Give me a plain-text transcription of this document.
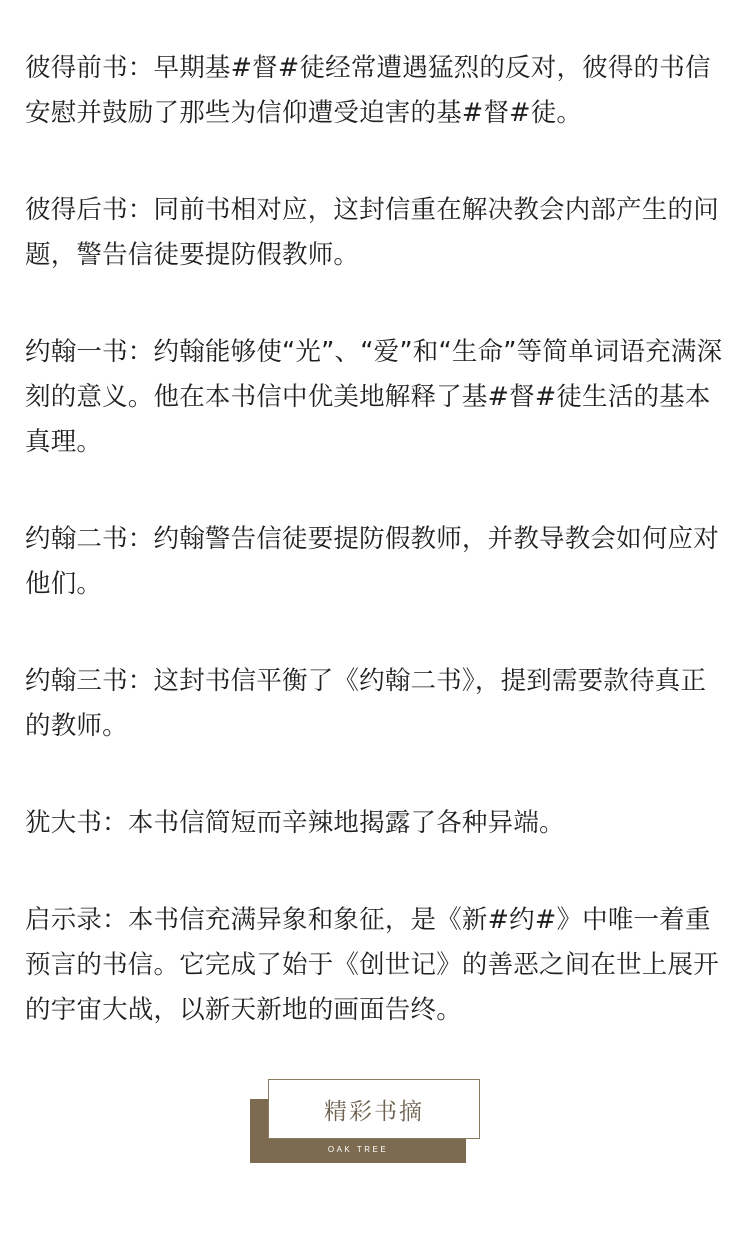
彼得前书：早期基#督#徒经常遭遇猛烈的反对，彼得的书信安慰并鼓励了那些为信仰遭受迫害的基#督#徒。

彼得后书：同前书相对应，这封信重在解决教会内部产生的问题，警告信徒要提防假教师。

约翰一书：约翰能够使“光”、“爱”和“生命”等简单词语充满深刻的意义。他在本书信中优美地解释了基#督#徒生活的基本真理。

约翰二书：约翰警告信徒要提防假教师，并教导教会如何应对他们。

约翰三书：这封书信平衡了《约翰二书》，提到需要款待真正的教师。

犹大书：本书信简短而辛辣地揭露了各种异端。

启示录：本书信充满异象和象征，是《新#约#》中唯一着重预言的书信。它完成了始于《创世记》的善恶之间在世上展开的宇宙大战，以新天新地的画面告终。

精彩书摘
OAK TREE
